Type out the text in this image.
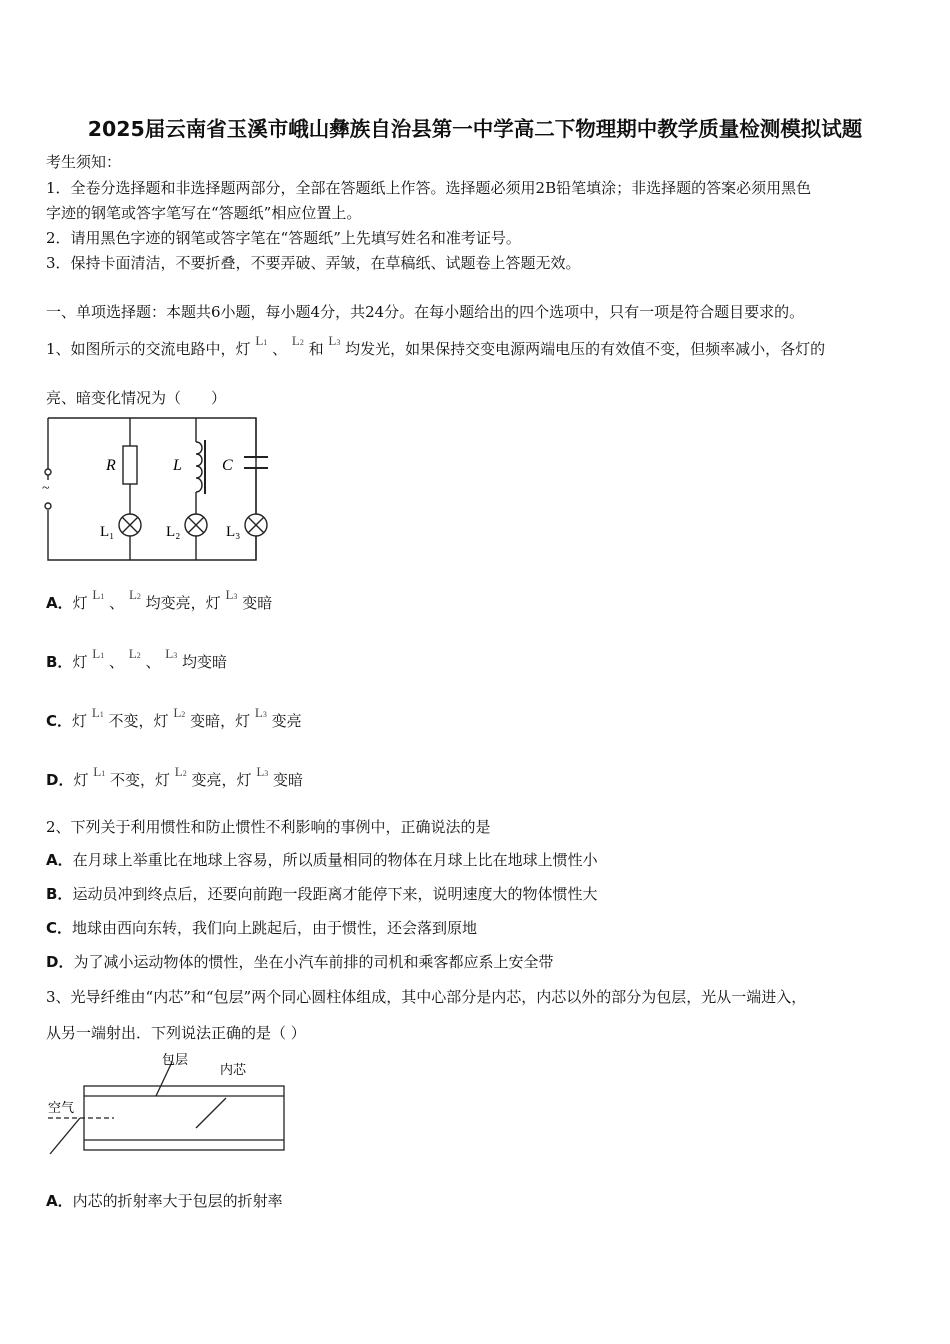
2025届云南省玉溪市峨山彝族自治县第一中学高二下物理期中教学质量检测模拟试题
考生须知：
1．全卷分选择题和非选择题两部分，全部在答题纸上作答。选择题必须用2B铅笔填涂；非选择题的答案必须用黑色
字迹的钢笔或答字笔写在“答题纸”相应位置上。
2．请用黑色字迹的钢笔或答字笔在“答题纸”上先填写姓名和准考证号。
3．保持卡面清洁，不要折叠，不要弄破、弄皱，在草稿纸、试题卷上答题无效。
一、单项选择题：本题共6小题，每小题4分，共24分。在每小题给出的四个选项中，只有一项是符合题目要求的。
1、如图所示的交流电路中，灯 L1 、 L2 和 L3 均发光，如果保持交变电源两端电压的有效值不变，但频率减小，各灯的
亮、暗变化情况为（　　）
R	L	C
~
L₁	L₂	L₃
A．灯 L1 、 L2 均变亮，灯 L3 变暗
B．灯 L1 、 L2 、 L3 均变暗
C．灯 L1 不变，灯 L2 变暗，灯 L3 变亮
D．灯 L1 不变，灯 L2 变亮，灯 L3 变暗
2、下列关于利用惯性和防止惯性不利影响的事例中，正确说法的是
A．在月球上举重比在地球上容易，所以质量相同的物体在月球上比在地球上惯性小
B．运动员冲到终点后，还要向前跑一段距离才能停下来，说明速度大的物体惯性大
C．地球由西向东转，我们向上跳起后，由于惯性，还会落到原地
D．为了减小运动物体的惯性，坐在小汽车前排的司机和乘客都应系上安全带
3、光导纤维由“内芯”和“包层”两个同心圆柱体组成，其中心部分是内芯，内芯以外的部分为包层，光从一端进入，
从另一端射出．下列说法正确的是（ ）
包层
内芯
空气
A．内芯的折射率大于包层的折射率
